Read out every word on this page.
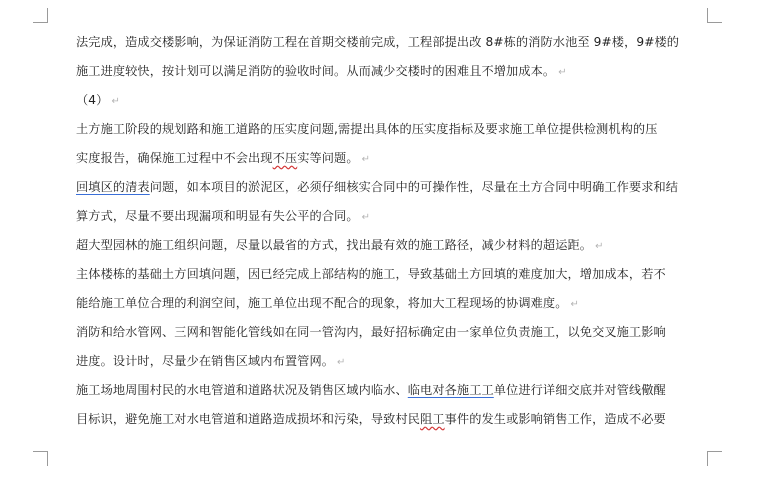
法完成，造成交楼影响，为保证消防工程在首期交楼前完成，工程部提出改 8#栋的消防水池至 9#楼，9#楼的
施工进度较快，按计划可以满足消防的验收时间。从而减少交楼时的困难且不增加成本。 ↵
（4） ↵
土方施工阶段的规划路和施工道路的压实度问题,需提出具体的压实度指标及要求施工单位提供检测机构的压
实度报告，确保施工过程中不会出现不压实等问题。 ↵
回填区的清表问题，如本项目的淤泥区，必须仔细核实合同中的可操作性，尽量在土方合同中明确工作要求和结
算方式，尽量不要出现漏项和明显有失公平的合同。 ↵
超大型园林的施工组织问题，尽量以最省的方式，找出最有效的施工路径，减少材料的超运距。 ↵
主体楼栋的基础土方回填问题，因已经完成上部结构的施工，导致基础土方回填的难度加大，增加成本，若不
能给施工单位合理的利润空间，施工单位出现不配合的现象，将加大工程现场的协调难度。 ↵
消防和给水管网、三网和智能化管线如在同一管沟内，最好招标确定由一家单位负责施工，以免交叉施工影响
进度。设计时，尽量少在销售区域内布置管网。 ↵
施工场地周围村民的水电管道和道路状况及销售区域内临水、临电对各施工工单位进行详细交底并对管线儆醒
目标识，避免施工对水电管道和道路造成损坏和污染，导致村民阻工事件的发生或影响销售工作，造成不必要
